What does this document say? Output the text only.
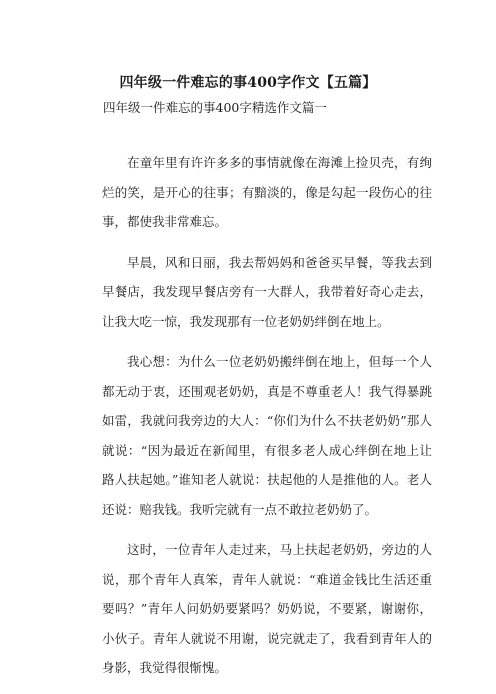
四年级一件难忘的事400字作文【五篇】

四年级一件难忘的事400字精选作文篇一

在童年里有许许多多的事情就像在海滩上捡贝壳，有绚烂的笑，是开心的往事；有黯淡的，像是勾起一段伤心的往事，都使我非常难忘。

早晨，风和日丽，我去帮妈妈和爸爸买早餐，等我去到早餐店，我发现早餐店旁有一大群人，我带着好奇心走去，让我大吃一惊，我发现那有一位老奶奶绊倒在地上。

我心想：为什么一位老奶奶搬绊倒在地上，但每一个人都无动于衷，还围观老奶奶，真是不尊重老人！我气得暴跳如雷，我就问我旁边的大人：“你们为什么不扶老奶奶”那人就说：“因为最近在新闻里，有很多老人成心绊倒在地上让路人扶起她。”谁知老人就说：扶起他的人是推他的人。老人还说：赔我钱。我听完就有一点不敢拉老奶奶了。

这时，一位青年人走过来，马上扶起老奶奶，旁边的人说，那个青年人真笨，青年人就说：“难道金钱比生活还重要吗？”青年人问奶奶要紧吗？奶奶说，不要紧，谢谢你，小伙子。青年人就说不用谢，说完就走了，我看到青年人的身影，我觉得很惭愧。
